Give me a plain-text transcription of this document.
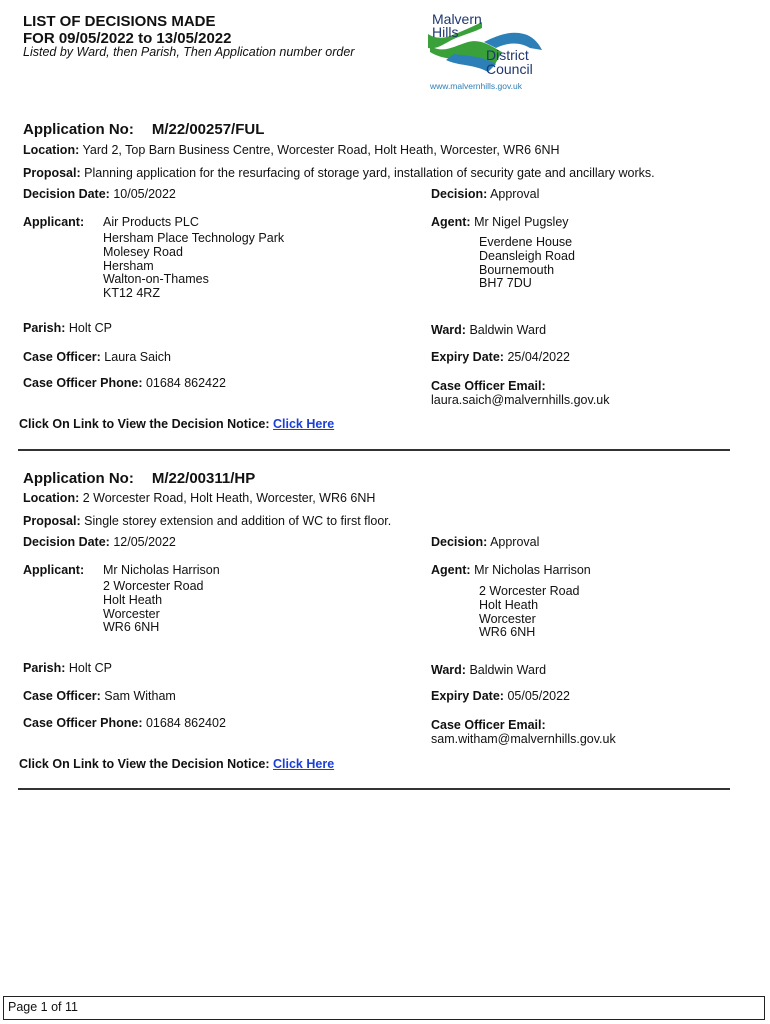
LIST OF DECISIONS MADE
FOR 09/05/2022 to 13/05/2022
Listed by Ward, then Parish, Then Application number order
Malvern
Hills
District
Council
www.malvernhills.gov.uk
Application No: M/22/00257/FUL
Location: Yard 2, Top Barn Business Centre, Worcester Road, Holt Heath, Worcester, WR6 6NH
Proposal: Planning application for the resurfacing of storage yard, installation of security gate and ancillary works.
Decision Date: 10/05/2022	Decision: Approval
Applicant: Air Products PLC
Hersham Place Technology Park
Molesey Road
Hersham
Walton-on-Thames
KT12 4RZ
Agent: Mr Nigel Pugsley
Everdene House
Deansleigh Road
Bournemouth
BH7 7DU
Parish: Holt CP	Ward: Baldwin Ward
Case Officer: Laura Saich	Expiry Date: 25/04/2022
Case Officer Phone: 01684 862422	Case Officer Email:
laura.saich@malvernhills.gov.uk
Click On Link to View the Decision Notice: Click Here
Application No: M/22/00311/HP
Location: 2 Worcester Road, Holt Heath, Worcester, WR6 6NH
Proposal: Single storey extension and addition of WC to first floor.
Decision Date: 12/05/2022	Decision: Approval
Applicant: Mr Nicholas Harrison
2 Worcester Road
Holt Heath
Worcester
WR6 6NH
Agent: Mr Nicholas Harrison
2 Worcester Road
Holt Heath
Worcester
WR6 6NH
Parish: Holt CP	Ward: Baldwin Ward
Case Officer: Sam Witham	Expiry Date: 05/05/2022
Case Officer Phone: 01684 862402	Case Officer Email:
sam.witham@malvernhills.gov.uk
Click On Link to View the Decision Notice: Click Here
Page 1 of 11
